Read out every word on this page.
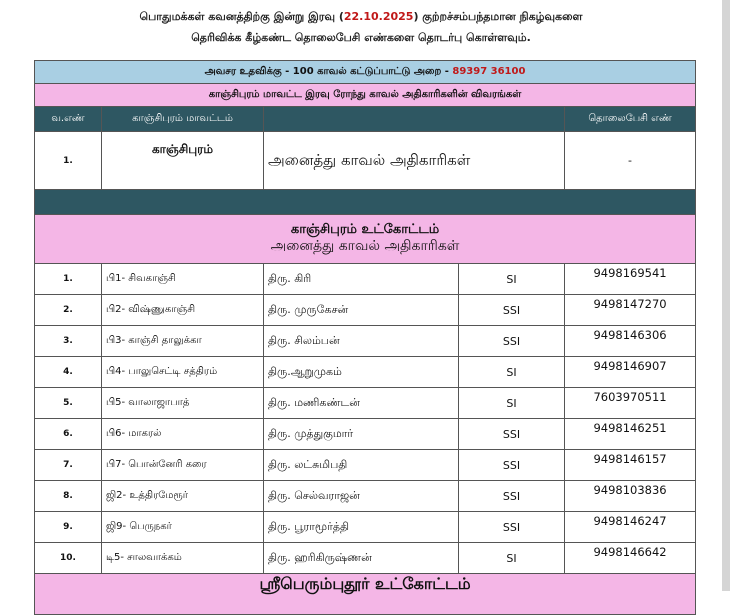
பொதுமக்கள் கவனத்திற்கு இன்று இரவு (22.10.2025) குற்றச்சம்பந்தமான நிகழ்வுகளை
தெரிவிக்க கீழ்கண்ட தொலைபேசி எண்களை தொடர்பு கொள்ளவும்.
அவசர உதவிக்கு - 100 காவல் கட்டுப்பாட்டு அறை - 89397 36100				
காஞ்சிபுரம் மாவட்ட இரவு ரோந்து காவல் அதிகாரிகளின் விவரங்கள்				
வ.எண்	காஞ்சிபுரம் மாவட்டம்			தொலைபேசி எண்
1.	காஞ்சிபுரம்	அனைத்து காவல் அதிகாரிகள்		-

காஞ்சிபுரம் உட்கோட்டம்
அனைத்து காவல் அதிகாரிகள்				

1.	பி1- சிவகாஞ்சி	திரு. கிரி	SI	9498169541
2.	பி2- விஷ்ணுகாஞ்சி	திரு. முருகேசன்	SSI	9498147270
3.	பி3- காஞ்சி தாலுக்கா	திரு. சிலம்பன்	SSI	9498146306
4.	பி4- பாலுசெட்டி சத்திரம்	திரு.ஆறுமுகம்	SI	9498146907
5.	பி5- வாலாஜாபாத்	திரு. மணிகண்டன்	SI	7603970511
6.	பி6- மாகரல்	திரு. முத்துகுமார்	SSI	9498146251
7.	பி7- பொன்னேரி கரை	திரு. லட்சுமிபதி	SSI	9498146157
8.	ஜி2- உத்திரமேரூர்	திரு. செல்வராஜன்	SSI	9498103836
9.	ஜி9- பெருநகர்	திரு. பூராமூர்த்தி	SSI	9498146247
10.	டி5- சாலவாக்கம்	திரு. ஹரிகிருஷ்ணன்	SI	9498146642
ஸ்ரீபெரும்புதூர் உட்கோட்டம்				
